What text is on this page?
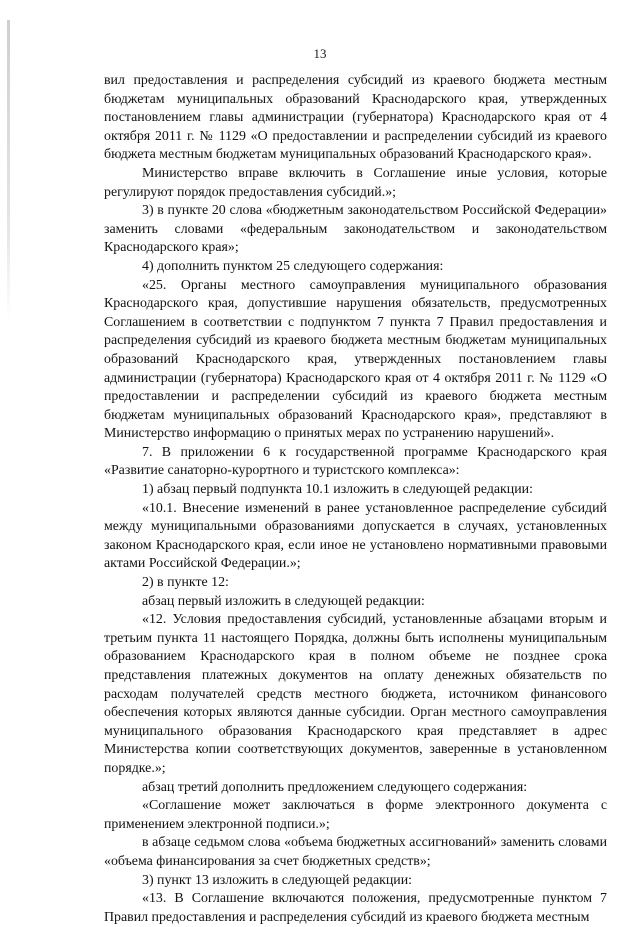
13

вил предоставления и распределения субсидий из краевого бюджета местным бюджетам муниципальных образований Краснодарского края, утвержденных постановлением главы администрации (губернатора) Краснодарского края от 4 октября 2011 г. № 1129 «О предоставлении и распределении субсидий из краевого бюджета местным бюджетам муниципальных образований Краснодарского края».

Министерство вправе включить в Соглашение иные условия, которые регулируют порядок предоставления субсидий.»;

3) в пункте 20 слова «бюджетным законодательством Российской Федерации» заменить словами «федеральным законодательством и законодательством Краснодарского края»;

4) дополнить пунктом 25 следующего содержания:

«25. Органы местного самоуправления муниципального образования Краснодарского края, допустившие нарушения обязательств, предусмотренных Соглашением в соответствии с подпунктом 7 пункта 7 Правил предоставления и распределения субсидий из краевого бюджета местным бюджетам муниципальных образований Краснодарского края, утвержденных постановлением главы администрации (губернатора) Краснодарского края от 4 октября 2011 г. № 1129 «О предоставлении и распределении субсидий из краевого бюджета местным бюджетам муниципальных образований Краснодарского края», представляют в Министерство информацию о принятых мерах по устранению нарушений».

7. В приложении 6 к государственной программе Краснодарского края «Развитие санаторно-курортного и туристского комплекса»:

1) абзац первый подпункта 10.1 изложить в следующей редакции:

«10.1. Внесение изменений в ранее установленное распределение субсидий между муниципальными образованиями допускается в случаях, установленных законом Краснодарского края, если иное не установлено нормативными правовыми актами Российской Федерации.»;

2) в пункте 12:

абзац первый изложить в следующей редакции:

«12. Условия предоставления субсидий, установленные абзацами вторым и третьим пункта 11 настоящего Порядка, должны быть исполнены муниципальным образованием Краснодарского края в полном объеме не позднее срока представления платежных документов на оплату денежных обязательств по расходам получателей средств местного бюджета, источником финансового обеспечения которых являются данные субсидии. Орган местного самоуправления муниципального образования Краснодарского края представляет в адрес Министерства копии соответствующих документов, заверенные в установленном порядке.»;

абзац третий дополнить предложением следующего содержания:

«Соглашение может заключаться в форме электронного документа с применением электронной подписи.»;

в абзаце седьмом слова «объема бюджетных ассигнований» заменить словами «объема финансирования за счет бюджетных средств»;

3) пункт 13 изложить в следующей редакции:

«13. В Соглашение включаются положения, предусмотренные пунктом 7 Правил предоставления и распределения субсидий из краевого бюджета местным
